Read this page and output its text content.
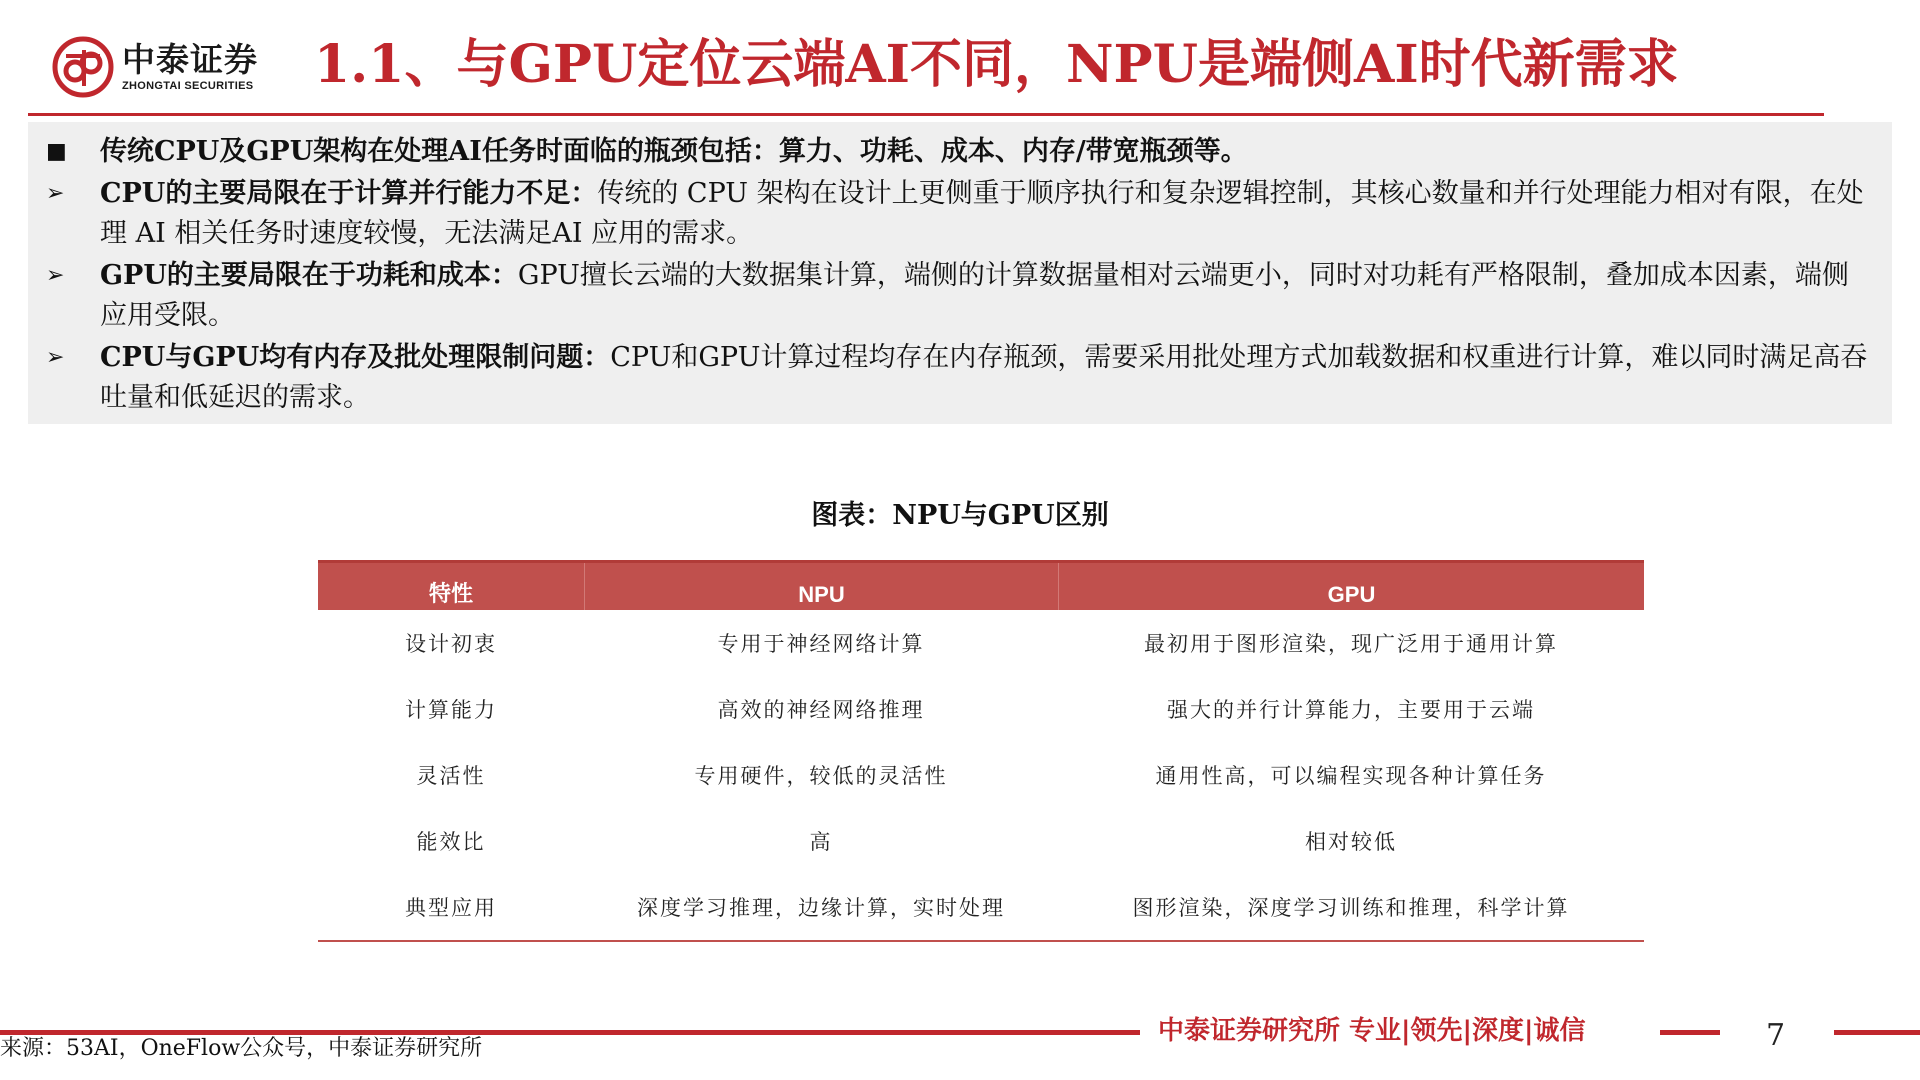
中泰证券
ZHONGTAI SECURITIES 1.1、与GPU定位云端AI不同，NPU是端侧AI时代新需求
■	传统CPU及GPU架构在处理AI任务时面临的瓶颈包括：算力、功耗、成本、内存/带宽瓶颈等。
➢	CPU的主要局限在于计算并行能力不足：传统的 CPU 架构在设计上更侧重于顺序执行和复杂逻辑控制，其核心数量和并行处理能力相对有限，在处理 AI 相关任务时速度较慢，无法满足AI 应用的需求。
➢	GPU的主要局限在于功耗和成本：GPU擅长云端的大数据集计算，端侧的计算数据量相对云端更小，同时对功耗有严格限制，叠加成本因素，端侧应用受限。
➢	CPU与GPU均有内存及批处理限制问题：CPU和GPU计算过程均存在内存瓶颈，需要采用批处理方式加载数据和权重进行计算，难以同时满足高吞吐量和低延迟的需求。
图表：NPU与GPU区别
特性	NPU	GPU
设计初衷	专用于神经网络计算	最初用于图形渲染，现广泛用于通用计算
计算能力	高效的神经网络推理	强大的并行计算能力，主要用于云端
灵活性	专用硬件，较低的灵活性	通用性高，可以编程实现各种计算任务
能效比	高	相对较低
典型应用	深度学习推理，边缘计算，实时处理	图形渲染，深度学习训练和推理，科学计算
来源：53AI，OneFlow公众号，中泰证券研究所
中泰证券研究所 专业|领先|深度|诚信	7
